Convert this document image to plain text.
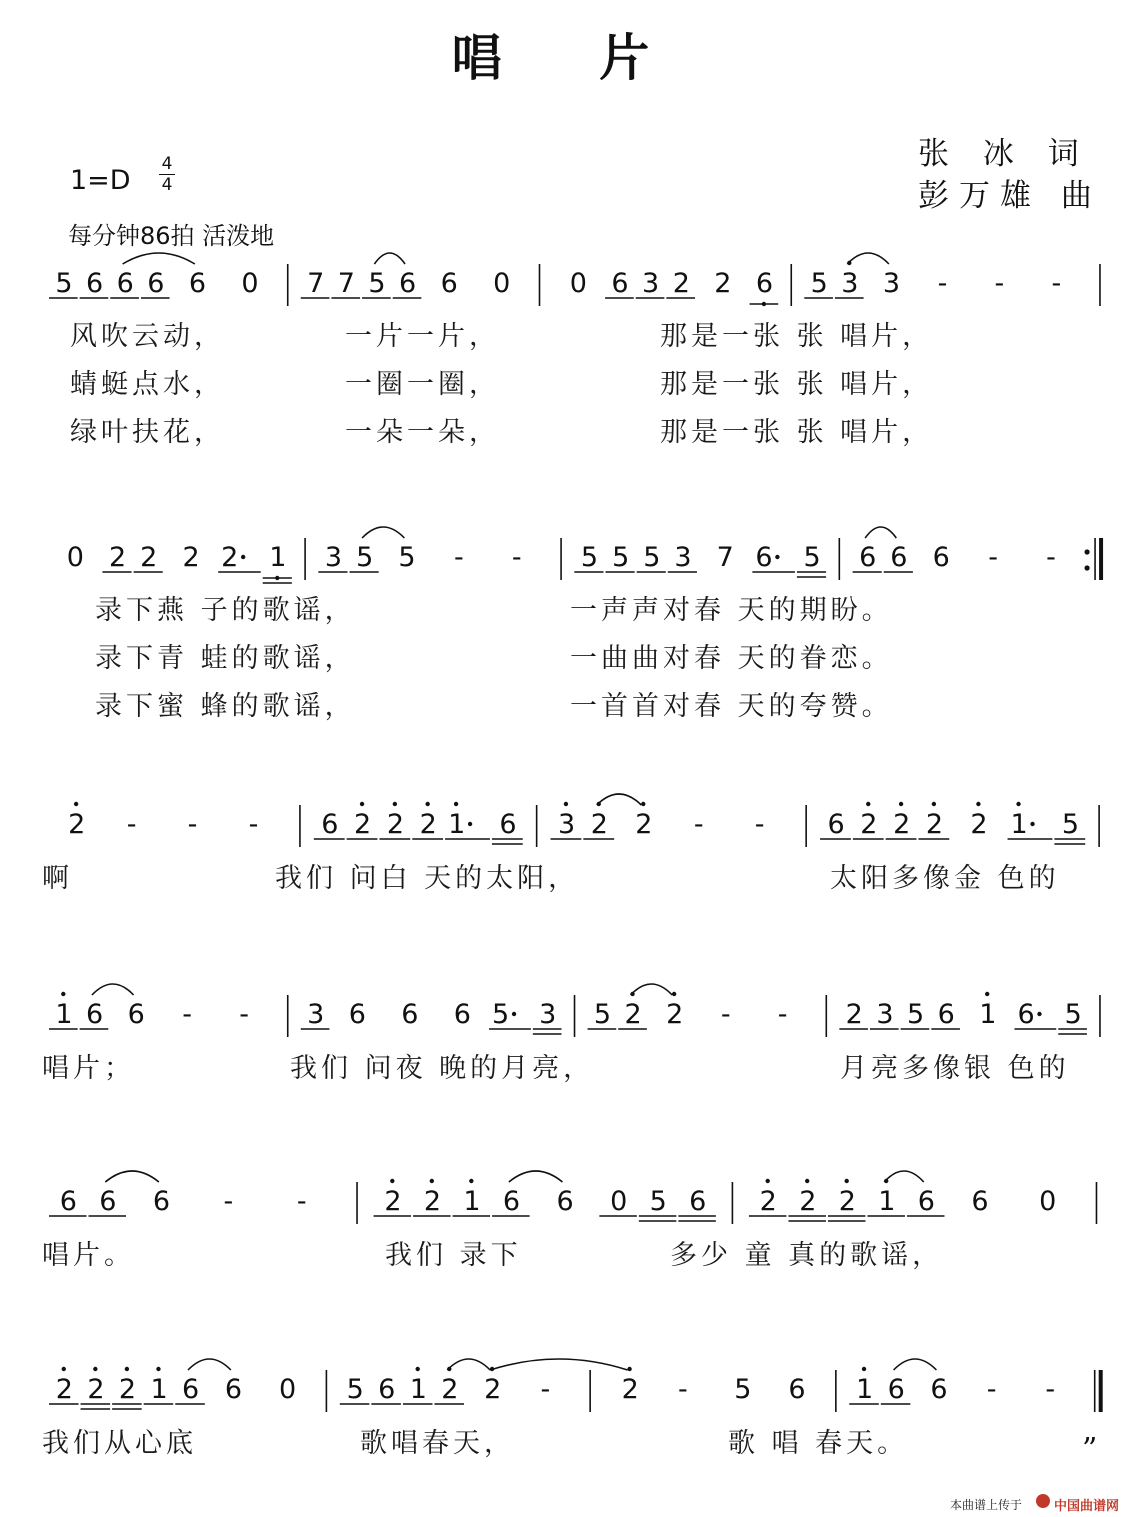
唱 片
张 冰 词
彭万雄 曲
1=D
4
4
每分钟86拍 活泼地
5 6 6 6 6 0 7 7 5 6 6 0 0 6 3 2 2 6 5 3 3 - - -
0 2 2 2 2 1 3 5 5 - - 5 5 5 3 7 6 5 6 6 6 - -
2 - - - 6 2 2 2 1 6 3 2 2 - - 6 2 2 2 2 1 5
1 6 6 - - 3 6 6 6 5 3 5 2 2 - - 2 3 5 6 1 6 5
6 6 6 - -	2 2 1 6 6 0 5 6 2 2 2 1 6 6 0
2 2 2 1 6 6 0 5 6 1 2 2 -	2 - 5 6 1 6 6 - -
风吹云动，	一片一片，	那是一张 张 唱片，
蜻蜓点水，	一圈一圈，	那是一张 张 唱片，
绿叶扶花，	一朵一朵，	那是一张 张 唱片，
录下燕 子的歌谣，	一声声对春 天的期盼。
录下青 蛙的歌谣，	一曲曲对春 天的眷恋。
录下蜜 蜂的歌谣，	一首首对春 天的夸赞。
啊	我们 问白 天的太阳，	太阳多像金 色的
唱片；	我们 问夜 晚的月亮，	月亮多像银 色的
唱片。	我们 录下	多少 童 真的歌谣，
我们从心底	歌唱春天，	歌 唱 春天。	”
本曲谱上传于 中国曲谱网
